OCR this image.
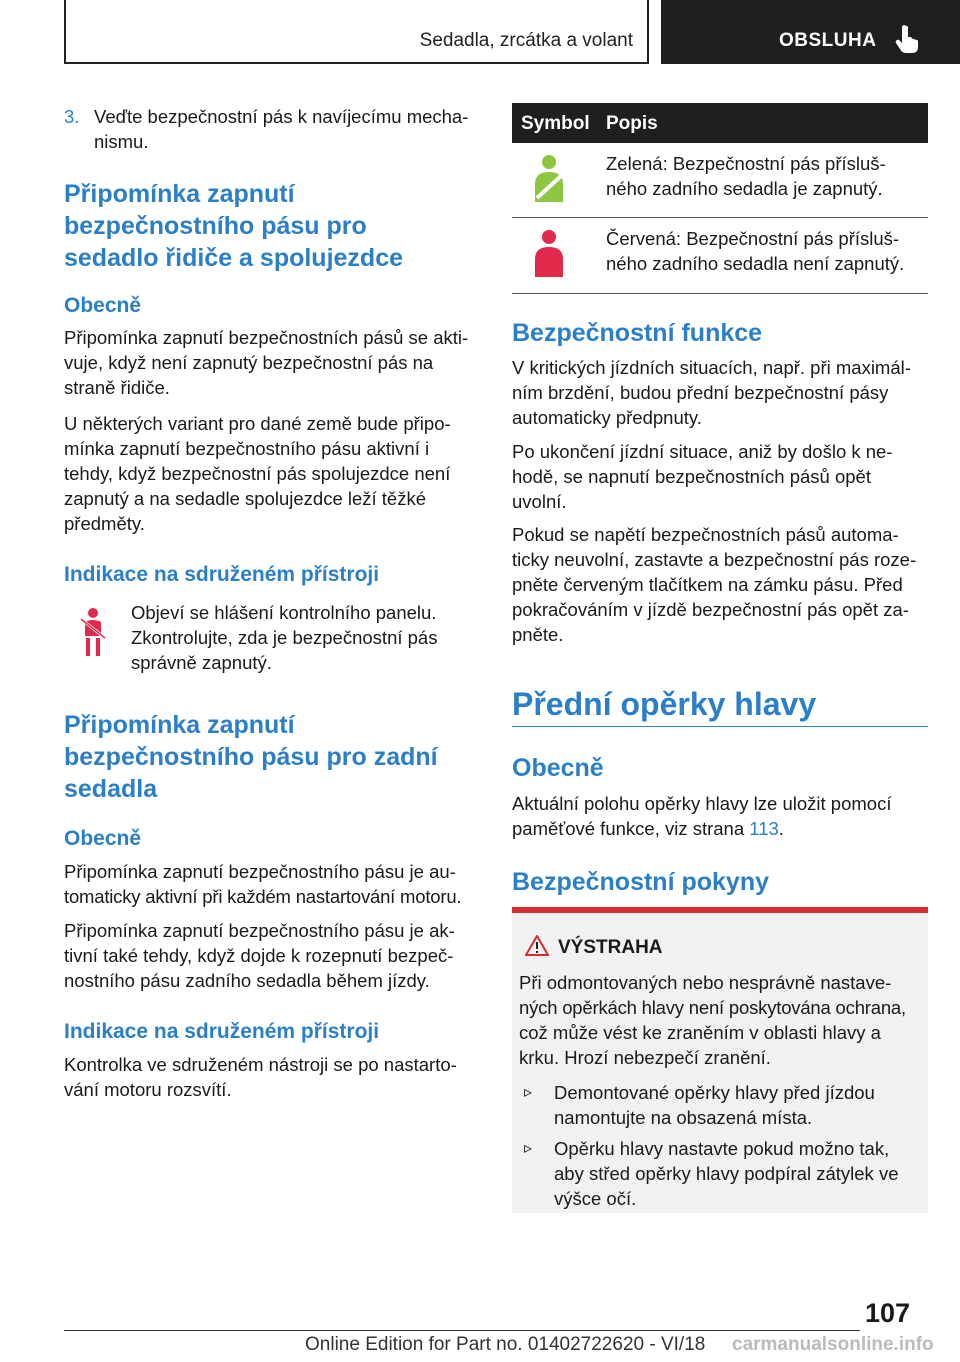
Sedadla, zrcátka a volant	OBSLUHA
3. Veďte bezpečnostní pás k navíjecímu mecha-

nismu.

Připomínka zapnutí
bezpečnostního pásu pro
sedadlo řidiče a spolujezdce
Obecně

Připomínka zapnutí bezpečnostních pásů se akti-

vuje, když není zapnutý bezpečnostní pás na

straně řidiče.

U některých variant pro dané země bude připo-

mínka zapnutí bezpečnostního pásu aktivní i

tehdy, když bezpečnostní pás spolujezdce není

zapnutý a na sedadle spolujezdce leží těžké

předměty.

Indikace na sdruženém přístroji

Objeví se hlášení kontrolního panelu.

Zkontrolujte, zda je bezpečnostní pás

správně zapnutý.

Připomínka zapnutí
bezpečnostního pásu pro zadní
sedadla
Obecně

Připomínka zapnutí bezpečnostního pásu je au-

tomaticky aktivní při každém nastartování motoru.

Připomínka zapnutí bezpečnostního pásu je ak-

tivní také tehdy, když dojde k rozepnutí bezpeč-

nostního pásu zadního sedadla během jízdy.

Indikace na sdruženém přístroji

Kontrolka ve sdruženém nástroji se po nastarto-

vání motoru rozsvítí.

Symbol Popis

Zelená: Bezpečnostní pás přísluš-

ného zadního sedadla je zapnutý.

Červená: Bezpečnostní pás přísluš-

ného zadního sedadla není zapnutý.

Bezpečnostní funkce

V kritických jízdních situacích, např. při maximál-

ním brzdění, budou přední bezpečnostní pásy

automaticky předpnuty.

Po ukončení jízdní situace, aniž by došlo k ne-

hodě, se napnutí bezpečnostních pásů opět

uvolní.

Pokud se napětí bezpečnostních pásů automa-

ticky neuvolní, zastavte a bezpečnostní pás roze-

pněte červeným tlačítkem na zámku pásu. Před

pokračováním v jízdě bezpečnostní pás opět za-

pněte.

Přední opěrky hlavy
Obecně

Aktuální polohu opěrky hlavy lze uložit pomocí

paměťové funkce, viz strana 113.

Bezpečnostní pokyny
VÝSTRAHA

Při odmontovaných nebo nesprávně nastave-

ných opěrkách hlavy není poskytována ochrana,

což může vést ke zraněním v oblasti hlavy a

krku. Hrozí nebezpečí zranění.

▹ Demontované opěrky hlavy před jízdou

namontujte na obsazená místa.

▹ Opěrku hlavy nastavte pokud možno tak,

aby střed opěrky hlavy podpíral zátylek ve

výšce očí.

107
Online Edition for Part no. 01402722620 - VI/18 carmanualsonline.info
